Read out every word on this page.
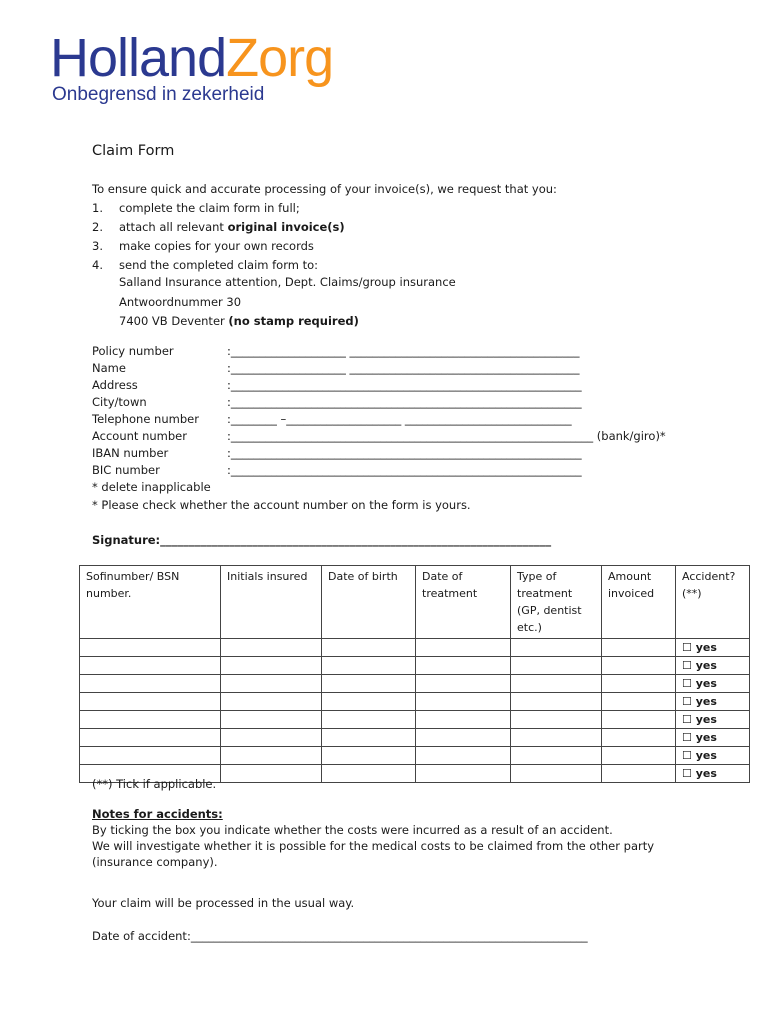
HollandZorg
Onbegrensd in zekerheid
Claim Form
To ensure quick and accurate processing of your invoice(s), we request that you:
1.	complete the claim form in full;
2.	attach all relevant original invoice(s)
3.	make copies for your own records
4.	send the completed claim form to:
Salland Insurance attention, Dept. Claims/group insurance
Antwoordnummer 30
7400 VB Deventer (no stamp required)
Policy number	:____________________ ________________________________________
Name	:____________________ ________________________________________
Address	:_____________________________________________________________
City/town	:_____________________________________________________________
Telephone number	:________ –____________________ _____________________________
Account number	:_______________________________________________________________ (bank/giro)*
IBAN number	:_____________________________________________________________
BIC number	:_____________________________________________________________
* delete inapplicable
* Please check whether the account number on the form is yours.
Signature:____________________________________________________________________
Sofinumber/ BSN number.	Initials insured	Date of birth	Date of treatment	Type of treatment (GP, dentist etc.)	Amount invoiced	Accident? (**)
						☐ yes
						☐ yes
						☐ yes
						☐ yes
						☐ yes
						☐ yes
						☐ yes
						☐ yes
(**) Tick if applicable.
Notes for accidents:
By ticking the box you indicate whether the costs were incurred as a result of an accident.
We will investigate whether it is possible for the medical costs to be claimed from the other party (insurance company).
Your claim will be processed in the usual way.
Date of accident:_____________________________________________________________________
